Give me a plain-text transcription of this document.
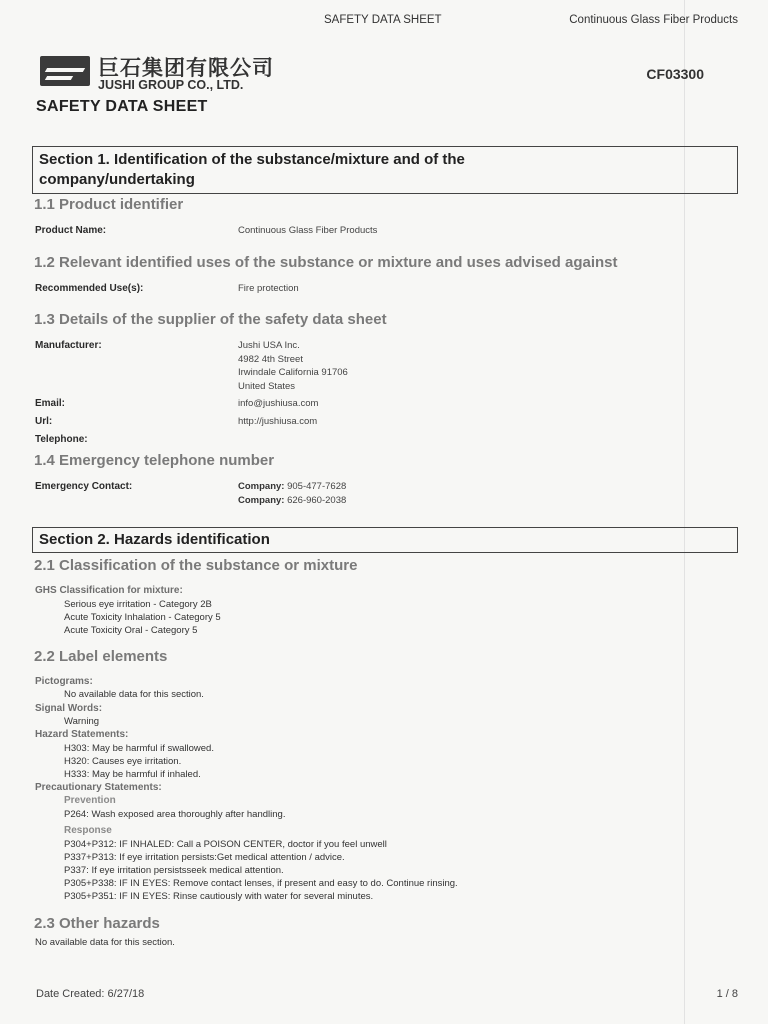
SAFETY DATA SHEET	Continuous Glass Fiber Products
巨石集团有限公司
JUSHI GROUP CO., LTD.
CF03300
SAFETY DATA SHEET
Section 1. Identification of the substance/mixture and of the
company/undertaking
1.1 Product identifier
Product Name:	Continuous Glass Fiber Products
1.2 Relevant identified uses of the substance or mixture and uses advised against
Recommended Use(s):	Fire protection
1.3 Details of the supplier of the safety data sheet
Manufacturer:	Jushi USA Inc.
4982 4th Street
Irwindale California 91706
United States
Email:	info@jushiusa.com
Url:	http://jushiusa.com
Telephone:
1.4 Emergency telephone number
Emergency Contact:	Company: 905-477-7628
Company: 626-960-2038
Section 2. Hazards identification
2.1 Classification of the substance or mixture
GHS Classification for mixture:
Serious eye irritation - Category 2B
Acute Toxicity Inhalation - Category 5
Acute Toxicity Oral - Category 5
2.2 Label elements
Pictograms:
No available data for this section.
Signal Words:
Warning
Hazard Statements:
H303: May be harmful if swallowed.
H320: Causes eye irritation.
H333: May be harmful if inhaled.
Precautionary Statements:
Prevention
P264: Wash exposed area thoroughly after handling.
Response
P304+P312: IF INHALED: Call a POISON CENTER, doctor if you feel unwell
P337+P313: If eye irritation persists:Get medical attention / advice.
P337: If eye irritation persistsseek medical attention.
P305+P338: IF IN EYES: Remove contact lenses, if present and easy to do. Continue rinsing.
P305+P351: IF IN EYES: Rinse cautiously with water for several minutes.
2.3 Other hazards
No available data for this section.
Date Created: 6/27/18	1 / 8
